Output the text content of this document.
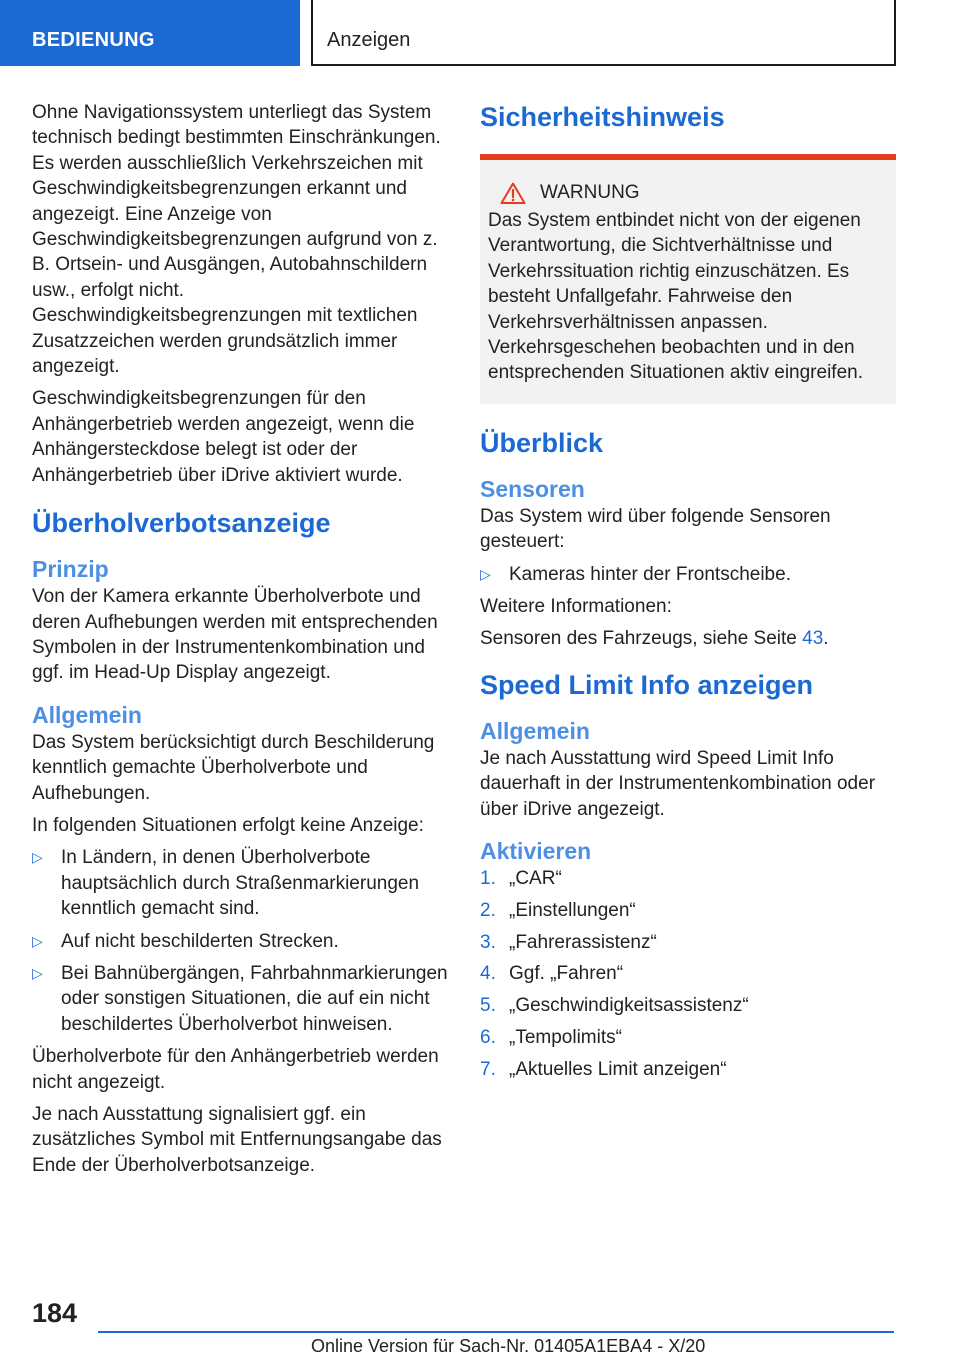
BEDIENUNG	Anzeigen

Ohne Navigationssystem unterliegt das System technisch bedingt bestimmten Einschränkungen. Es werden ausschließlich Verkehrszeichen mit Geschwindigkeitsbegrenzungen erkannt und angezeigt. Eine Anzeige von Geschwindigkeitsbegrenzungen aufgrund von z. B. Ortsein- und Ausgängen, Autobahnschildern usw., erfolgt nicht. Geschwindigkeitsbegrenzungen mit textlichen Zusatzzeichen werden grundsätzlich immer angezeigt.

Geschwindigkeitsbegrenzungen für den Anhängerbetrieb werden angezeigt, wenn die Anhängersteckdose belegt ist oder der Anhängerbetrieb über iDrive aktiviert wurde.

Überholverbotsanzeige
Prinzip

Von der Kamera erkannte Überholverbote und deren Aufhebungen werden mit entsprechenden Symbolen in der Instrumentenkombination und ggf. im Head-Up Display angezeigt.

Allgemein

Das System berücksichtigt durch Beschilderung kenntlich gemachte Überholverbote und Aufhebungen.

In folgenden Situationen erfolgt keine Anzeige:

▷ In Ländern, in denen Überholverbote hauptsächlich durch Straßenmarkierungen kenntlich gemacht sind.
▷ Auf nicht beschilderten Strecken.
▷ Bei Bahnübergängen, Fahrbahnmarkierungen oder sonstigen Situationen, die auf ein nicht beschildertes Überholverbot hinweisen.

Überholverbote für den Anhängerbetrieb werden nicht angezeigt.

Je nach Ausstattung signalisiert ggf. ein zusätzliches Symbol mit Entfernungsangabe das Ende der Überholverbotsanzeige.

Sicherheitshinweis
WARNUNG

Das System entbindet nicht von der eigenen Verantwortung, die Sichtverhältnisse und Verkehrssituation richtig einzuschätzen. Es besteht Unfallgefahr. Fahrweise den Verkehrsverhältnissen anpassen. Verkehrsgeschehen beobachten und in den entsprechenden Situationen aktiv eingreifen.

Überblick
Sensoren

Das System wird über folgende Sensoren gesteuert:

▷ Kameras hinter der Frontscheibe.

Weitere Informationen:

Sensoren des Fahrzeugs, siehe Seite 43.

Speed Limit Info anzeigen
Allgemein

Je nach Ausstattung wird Speed Limit Info dauerhaft in der Instrumentenkombination oder über iDrive angezeigt.

Aktivieren
1. „CAR“
2. „Einstellungen“
3. „Fahrerassistenz“
4. Ggf. „Fahren“
5. „Geschwindigkeitsassistenz“
6. „Tempolimits“
7. „Aktuelles Limit anzeigen“
184
Online Version für Sach-Nr. 01405A1EBA4 - X/20
